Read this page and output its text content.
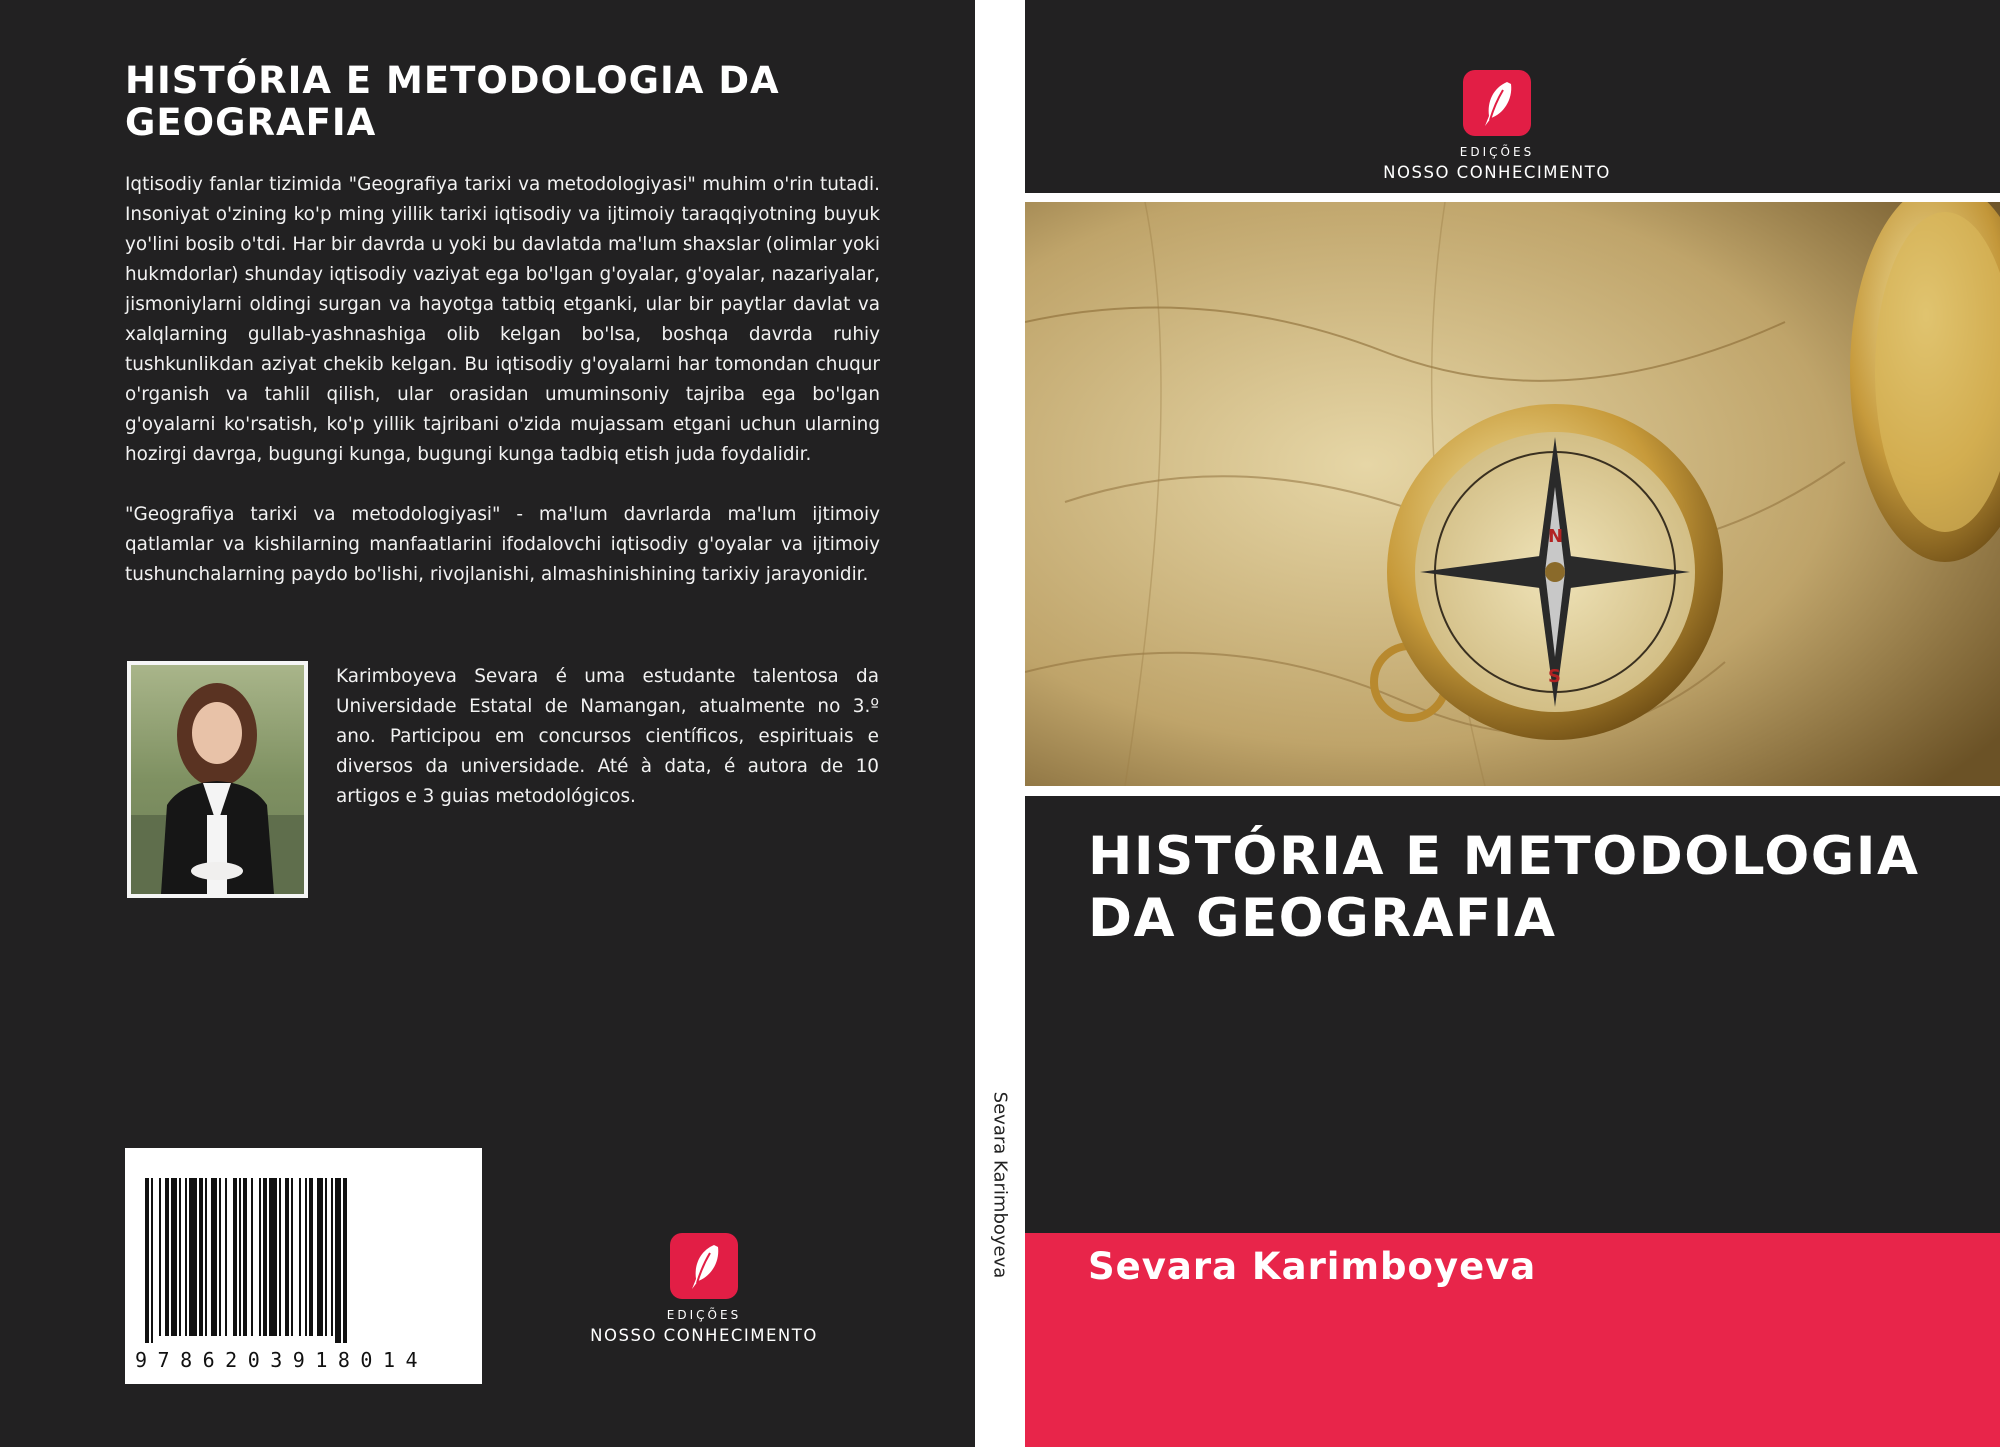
HISTÓRIA E METODOLOGIA DA GEOGRAFIA

Iqtisodiy fanlar tizimida "Geografiya tarixi va metodologiyasi" muhim o'rin tutadi. Insoniyat o'zining ko'p ming yillik tarixi iqtisodiy va ijtimoiy taraqqiyotning buyuk yo'lini bosib o'tdi. Har bir davrda u yoki bu davlatda ma'lum shaxslar (olimlar yoki hukmdorlar) shunday iqtisodiy vaziyat ega bo'lgan g'oyalar, g'oyalar, nazariyalar, jismoniylarni oldingi surgan va hayotga tatbiq etganki, ular bir paytlar davlat va xalqlarning gullab-yashnashiga olib kelgan bo'lsa, boshqa davrda ruhiy tushkunlikdan aziyat chekib kelgan. Bu iqtisodiy g'oyalarni har tomondan chuqur o'rganish va tahlil qilish, ular orasidan umuminsoniy tajriba ega bo'lgan g'oyalarni ko'rsatish, ko'p yillik tajribani o'zida mujassam etgani uchun ularning hozirgi davrga, bugungi kunga, bugungi kunga tadbiq etish juda foydalidir.

"Geografiya tarixi va metodologiyasi" - ma'lum davrlarda ma'lum ijtimoiy qatlamlar va kishilarning manfaatlarini ifodalovchi iqtisodiy g'oyalar va ijtimoiy tushunchalarning paydo bo'lishi, rivojlanishi, almashinishining tarixiy jarayonidir.

Karimboyeva Sevara é uma estudante talentosa da Universidade Estatal de Namangan, atualmente no 3.º ano. Participou em concursos científicos, espirituais e diversos da universidade. Até à data, é autora de 10 artigos e 3 guias metodológicos.

9786203918014
EDIÇÕES
NOSSO CONHECIMENTO
Sevara Karimboyeva
EDIÇÕES
NOSSO CONHECIMENTO
N
S
HISTÓRIA E METODOLOGIA DA GEOGRAFIA
Sevara Karimboyeva
